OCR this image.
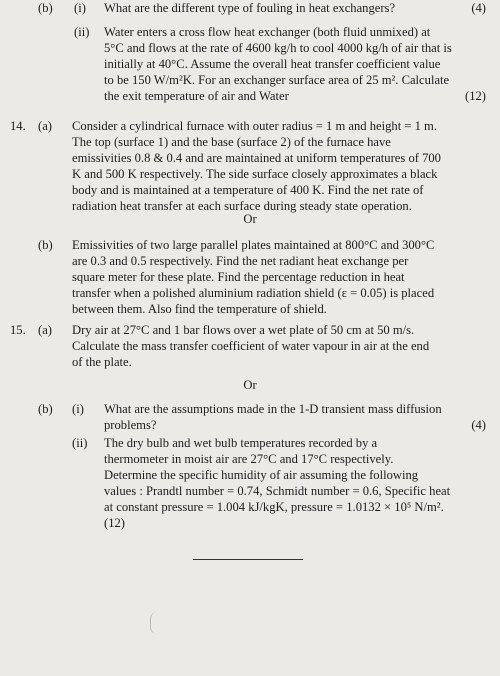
(b) (i) What are the different type of fouling in heat exchangers?	(4)
(ii) Water enters a cross flow heat exchanger (both fluid unmixed) at
5°C and flows at the rate of 4600 kg/h to cool 4000 kg/h of air that is
initially at 40°C. Assume the overall heat transfer coefficient value
to be 150 W/m²K. For an exchanger surface area of 25 m². Calculate
the exit temperature of air and Water	(12)
14. (a) Consider a cylindrical furnace with outer radius = 1 m and height = 1 m.
The top (surface 1) and the base (surface 2) of the furnace have
emissivities 0.8 & 0.4 and are maintained at uniform temperatures of 700
K and 500 K respectively. The side surface closely approximates a black
body and is maintained at a temperature of 400 K. Find the net rate of
radiation heat transfer at each surface during steady state operation.
Or
(b) Emissivities of two large parallel plates maintained at 800°C and 300°C
are 0.3 and 0.5 respectively. Find the net radiant heat exchange per
square meter for these plate. Find the percentage reduction in heat
transfer when a polished aluminium radiation shield (ε = 0.05) is placed
between them. Also find the temperature of shield.
15. (a) Dry air at 27°C and 1 bar flows over a wet plate of 50 cm at 50 m/s.
Calculate the mass transfer coefficient of water vapour in air at the end
of the plate.
Or
(b) (i) What are the assumptions made in the 1-D transient mass diffusion
problems?	(4)
(ii) The dry bulb and wet bulb temperatures recorded by a
thermometer in moist air are 27°C and 17°C respectively.
Determine the specific humidity of air assuming the following
values : Prandtl number = 0.74, Schmidt number = 0.6, Specific heat
at constant pressure = 1.004 kJ/kgK, pressure = 1.0132 × 10⁵ N/m².
(12)
